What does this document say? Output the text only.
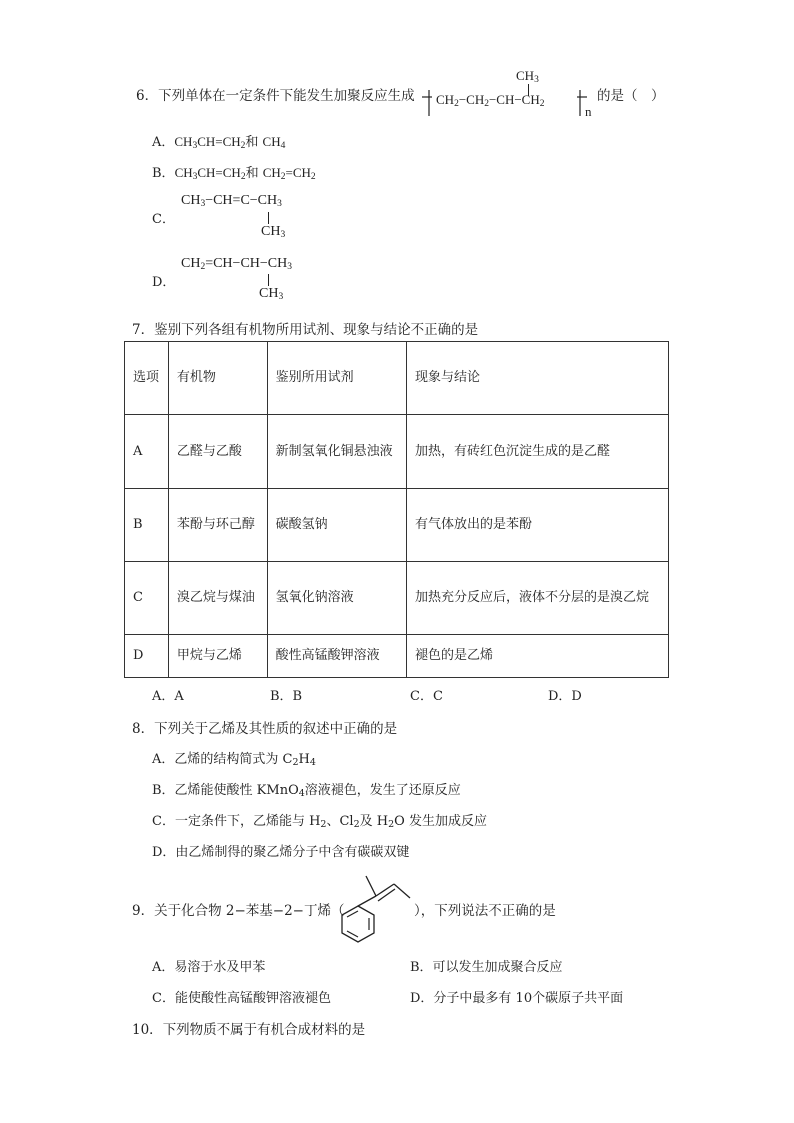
6．下列单体在一定条件下能发生加聚反应生成
$CH_3$
$CH_2-CH_2-CH-CH_2$	n
的是（　）
A．$CH_3CH=CH_2$和 $CH_4$
B．$CH_3CH=CH_2$和 $CH_2=CH_2$
C．
$CH_3-CH=C-CH_3$
$CH_3$
D．
$CH_2=CH-CH-CH_3$
$CH_3$
7．鉴别下列各组有机物所用试剂、现象与结论不正确的是
选项	有机物	鉴别所用试剂	现象与结论
A	乙醛与乙酸	新制氢氧化铜悬浊液	加热，有砖红色沉淀生成的是乙醛
B	苯酚与环己醇	碳酸氢钠	有气体放出的是苯酚
C	溴乙烷与煤油	氢氧化钠溶液	加热充分反应后，液体不分层的是溴乙烷
D	甲烷与乙烯	酸性高锰酸钾溶液	褪色的是乙烯
A．A	B．B	C．C	D．D
8．下列关于乙烯及其性质的叙述中正确的是
A．乙烯的结构简式为 $C_2H_4$
B．乙烯能使酸性 KMnO$_4$溶液褪色，发生了还原反应
C．一定条件下，乙烯能与 $H_2$、$Cl_2$及 $H_2O$ 发生加成反应
D．由乙烯制得的聚乙烯分子中含有碳碳双键
9．关于化合物 2−苯基−2−丁烯（	），下列说法不正确的是
A．易溶于水及甲苯	B．可以发生加成聚合反应
C．能使酸性高锰酸钾溶液褪色	D．分子中最多有 10个碳原子共平面
10．下列物质不属于有机合成材料的是
